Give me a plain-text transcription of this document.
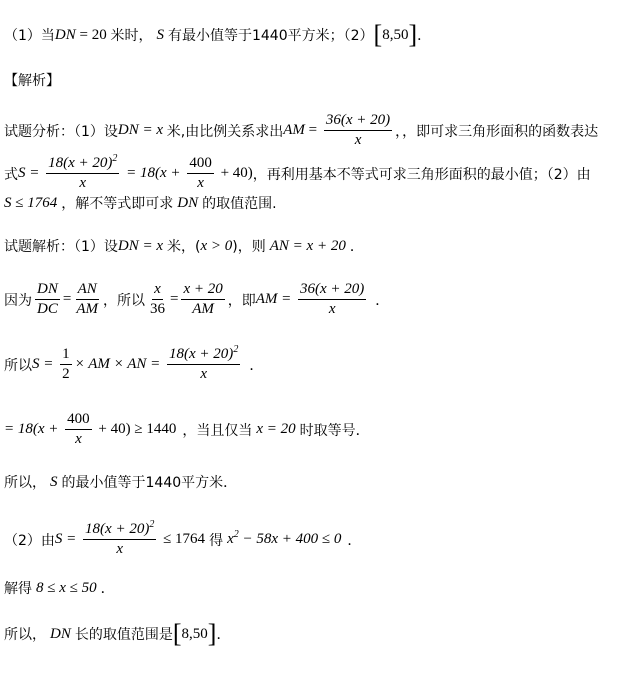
（1）当 DN = 20 米时， S 有最小值等于1440平方米；（2） [ 8,50 ] ．
【解析】
试题分析：（1）设 DN = x 米,由比例关系求出 AM = $\frac{36(x + 20)}{x}$ ，，即可求三角形面积的函数表达
式 $S = \frac{18(x + 20)^2}{x} = 18(x + \frac{400}{x} + 40)$ ，再利用基本不等式可求三角形面积的最小值；（2）由
S ≤ 1764 ，解不等式即可求 DN 的取值范围.
试题解析：（1）设 DN = x 米，( x > 0 )，则 AN = x + 20 ．
因为 $\frac{DN}{DC} = \frac{AN}{AM}$ ，所以 $\frac{x}{36} = \frac{x + 20}{AM}$ ，即 AM = $\frac{36(x + 20)}{x}$ ．
所以 $S = \frac{1}{2}$ × AM × AN = $\frac{18(x + 20)^2}{x}$ ．
= $18(x + \frac{400}{x} + 40) \ge 1440$ ，当且仅当 x = 20 时取等号．
所以， S 的最小值等于1440平方米．
（2）由 $S = \frac{18(x + 20)^2}{x} \le 1764$ 得 $x^2 - 58x + 400 \le 0$ ．
解得 8 ≤ x ≤ 50 ．
所以， DN 长的取值范围是 [ 8,50 ] ．
